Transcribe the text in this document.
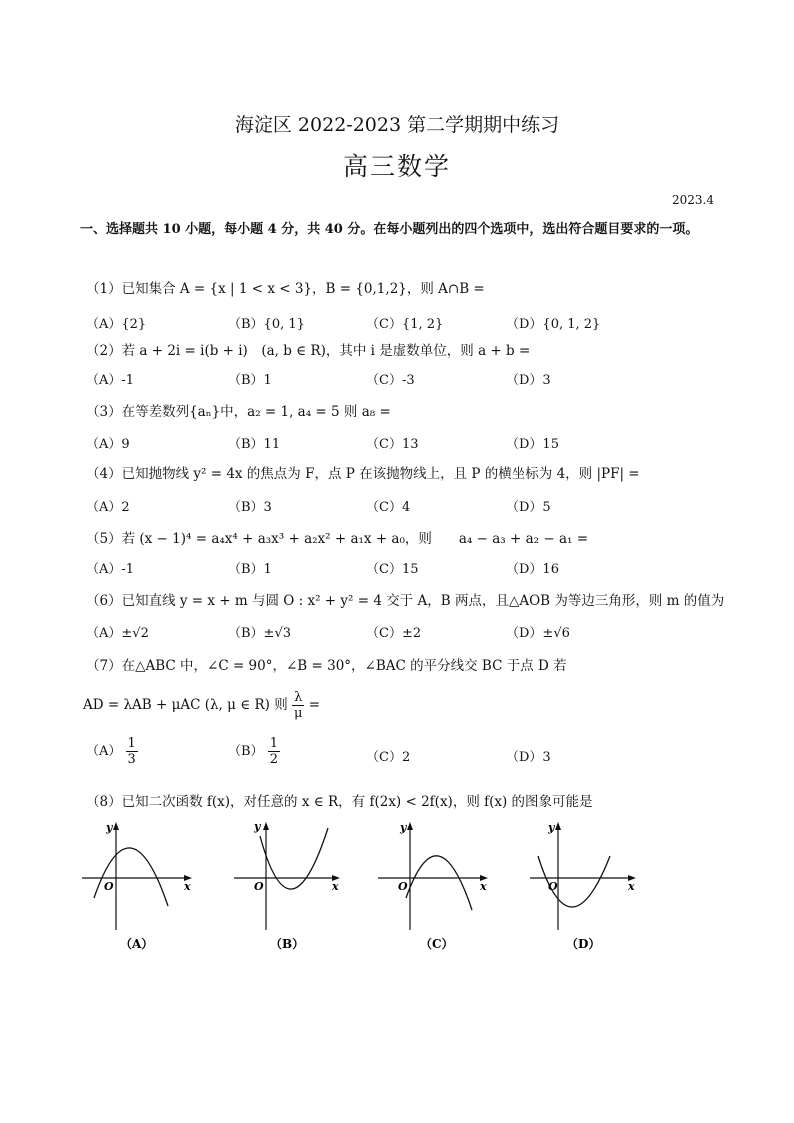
海淀区 2022-2023 第二学期期中练习
高三数学
2023.4
一、选择题共 10 小题，每小题 4 分，共 40 分。在每小题列出的四个选项中，选出符合题目要求的一项。
（1）已知集合 A = {x | 1 < x < 3}，B = {0,1,2}，则 A∩B =
（A）{2}	（B）{0, 1}	（C）{1, 2}	（D）{0, 1, 2}
（2）若 a + 2i = i(b + i)　(a, b ∈ R)，其中 i 是虚数单位，则 a + b =
（A）-1	（B）1	（C）-3	（D）3
（3）在等差数列{aₙ}中，a₂ = 1, a₄ = 5 则 a₈ =
（A）9	（B）11	（C）13	（D）15
（4）已知抛物线 y² = 4x 的焦点为 F，点 P 在该抛物线上，且 P 的横坐标为 4，则 |PF| =
（A）2	（B）3	（C）4	（D）5
（5）若 (x − 1)⁴ = a₄x⁴ + a₃x³ + a₂x² + a₁x + a₀，则　　a₄ − a₃ + a₂ − a₁ =
（A）-1	（B）1	（C）15	（D）16
（6）已知直线 y = x + m 与圆 O : x² + y² = 4 交于 A，B 两点，且△AOB 为等边三角形，则 m 的值为
（A）±√2	（B）±√3	（C）±2	（D）±√6
（7）在△ABC 中，∠C = 90°，∠B = 30°，∠BAC 的平分线交 BC 于点 D 若
AD = λAB + μAC (λ, μ ∈ R) 则 $\frac{\lambda}{\mu}$ =
$(A) \frac{1}{3}$	$(B) \frac{1}{2}$	（C）2	（D）3
（8）已知二次函数 f(x)，对任意的 x ∈ R，有 f(2x) < 2f(x)，则 f(x) 的图象可能是
y
x
O
（A）
y
x
O
（B）
y
x
O
（C）
y
x
O
（D）
